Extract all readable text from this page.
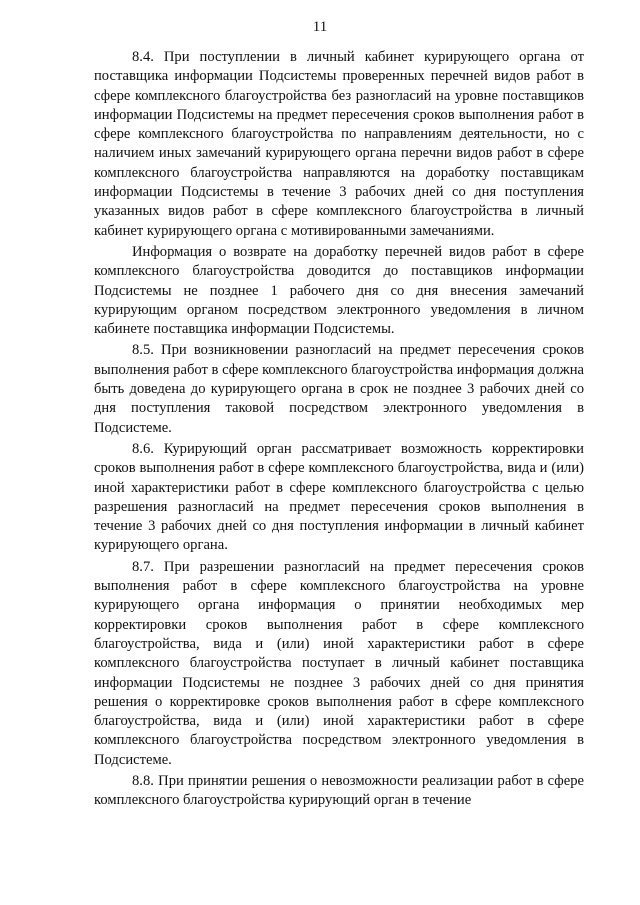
11

8.4. При поступлении в личный кабинет курирующего органа от поставщика информации Подсистемы проверенных перечней видов работ в сфере комплексного благоустройства без разногласий на уровне поставщиков информации Подсистемы на предмет пересечения сроков выполнения работ в сфере комплексного благоустройства по направлениям деятельности, но с наличием иных замечаний курирующего органа перечни видов работ в сфере комплексного благоустройства направляются на доработку поставщикам информации Подсистемы в течение 3 рабочих дней со дня поступления указанных видов работ в сфере комплексного благоустройства в личный кабинет курирующего органа с мотивированными замечаниями.

Информация о возврате на доработку перечней видов работ в сфере комплексного благоустройства доводится до поставщиков информации Подсистемы не позднее 1 рабочего дня со дня внесения замечаний курирующим органом посредством электронного уведомления в личном кабинете поставщика информации Подсистемы.

8.5. При возникновении разногласий на предмет пересечения сроков выполнения работ в сфере комплексного благоустройства информация должна быть доведена до курирующего органа в срок не позднее 3 рабочих дней со дня поступления таковой посредством электронного уведомления в Подсистеме.

8.6. Курирующий орган рассматривает возможность корректировки сроков выполнения работ в сфере комплексного благоустройства, вида и (или) иной характеристики работ в сфере комплексного благоустройства с целью разрешения разногласий на предмет пересечения сроков выполнения в течение 3 рабочих дней со дня поступления информации в личный кабинет курирующего органа.

8.7. При разрешении разногласий на предмет пересечения сроков выполнения работ в сфере комплексного благоустройства на уровне курирующего органа информация о принятии необходимых мер корректировки сроков выполнения работ в сфере комплексного благоустройства, вида и (или) иной характеристики работ в сфере комплексного благоустройства поступает в личный кабинет поставщика информации Подсистемы не позднее 3 рабочих дней со дня принятия решения о корректировке сроков выполнения работ в сфере комплексного благоустройства, вида и (или) иной характеристики работ в сфере комплексного благоустройства посредством электронного уведомления в Подсистеме.

8.8. При принятии решения о невозможности реализации работ в сфере комплексного благоустройства курирующий орган в течение
